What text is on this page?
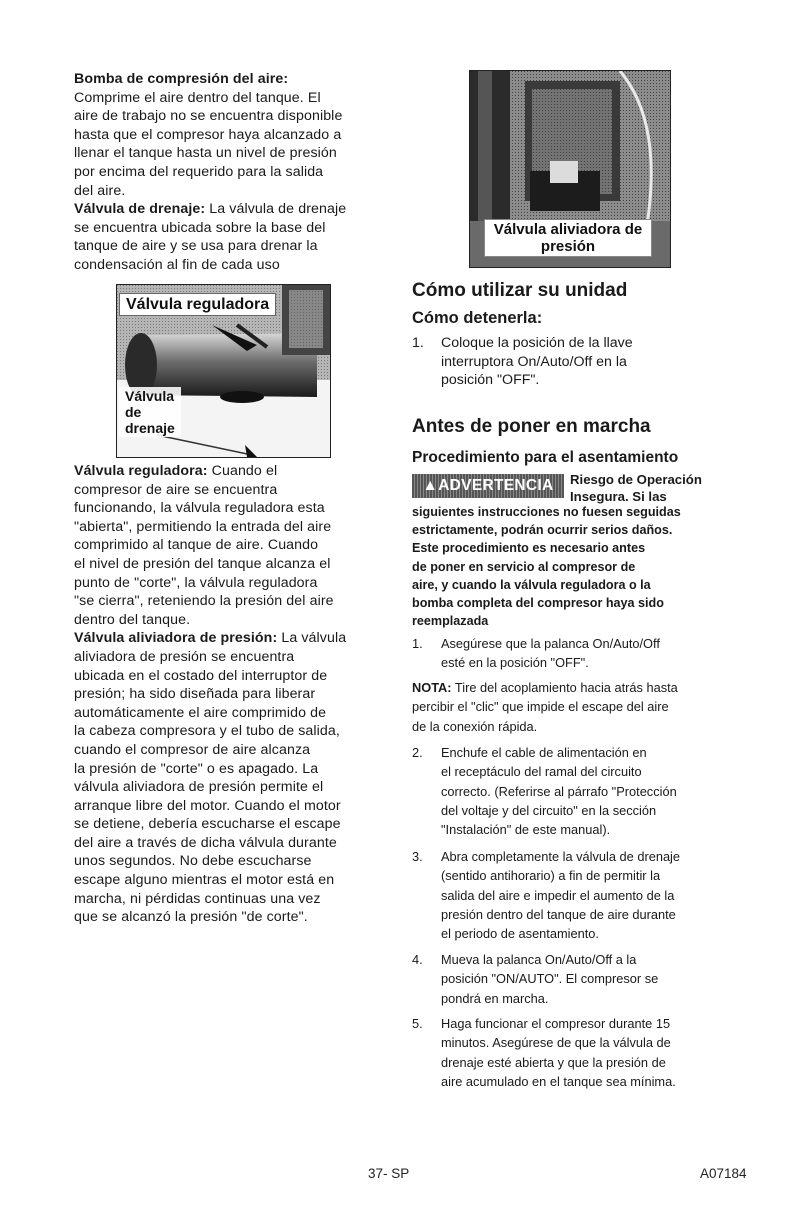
Bomba de compresión del aire:
Comprime el aire dentro del tanque. El
aire de trabajo no se encuentra disponible
hasta que el compresor haya alcanzado a
llenar el tanque hasta un nivel de presión
por encima del requerido para la salida
del aire.

Válvula de drenaje: La válvula de drenaje
se encuentra ubicada sobre la base del
tanque de aire y se usa para drenar la
condensación al fin de cada uso

Válvula reguladora
Válvula
de
drenaje

Válvula reguladora: Cuando el
compresor de aire se encuentra
funcionando, la válvula reguladora esta
"abierta", permitiendo la entrada del aire
comprimido al tanque de aire. Cuando
el nivel de presión del tanque alcanza el
punto de "corte", la válvula reguladora
"se cierra", reteniendo la presión del aire
dentro del tanque.

Válvula aliviadora de presión: La válvula
aliviadora de presión se encuentra
ubicada en el costado del interruptor de
presión; ha sido diseñada para liberar
automáticamente el aire comprimido de
la cabeza compresora y el tubo de salida,
cuando el compresor de aire alcanza
la presión de "corte" o es apagado. La
válvula aliviadora de presión permite el
arranque libre del motor. Cuando el motor
se detiene, debería escucharse el escape
del aire a través de dicha válvula durante
unos segundos. No debe escucharse
escape alguno mientras el motor está en
marcha, ni pérdidas continuas una vez
que se alcanzó la presión "de corte".

Válvula aliviadora de
presión
Cómo utilizar su unidad
Cómo detenerla:
1. Coloque la posición de la llave
interruptora On/Auto/Off en la
posición "OFF".
Antes de poner en marcha
Procedimiento para el asentamiento
▲ADVERTENCIA	Riesgo de Operación
Insegura. Si las
siguientes instrucciones no fuesen seguidas
estrictamente, podrán ocurrir serios daños.
Este procedimiento es necesario antes
de poner en servicio al compresor de
aire, y cuando la válvula reguladora o la
bomba completa del compresor haya sido
reemplazada
1. Asegúrese que la palanca On/Auto/Off
esté en la posición "OFF".
NOTA: Tire del acoplamiento hacia atrás hasta
percibir el "clic" que impide el escape del aire
de la conexión rápida.
2. Enchufe el cable de alimentación en
el receptáculo del ramal del circuito
correcto. (Referirse al párrafo "Protección
del voltaje y del circuito" en la sección
"Instalación" de este manual).
3. Abra completamente la válvula de drenaje
(sentido antihorario) a fin de permitir la
salida del aire e impedir el aumento de la
presión dentro del tanque de aire durante
el periodo de asentamiento.
4. Mueva la palanca On/Auto/Off a la
posición "ON/AUTO". El compresor se
pondrá en marcha.
5. Haga funcionar el compresor durante 15
minutos. Asegúrese de que la válvula de
drenaje esté abierta y que la presión de
aire acumulado en el tanque sea mínima.
37- SP	A07184
